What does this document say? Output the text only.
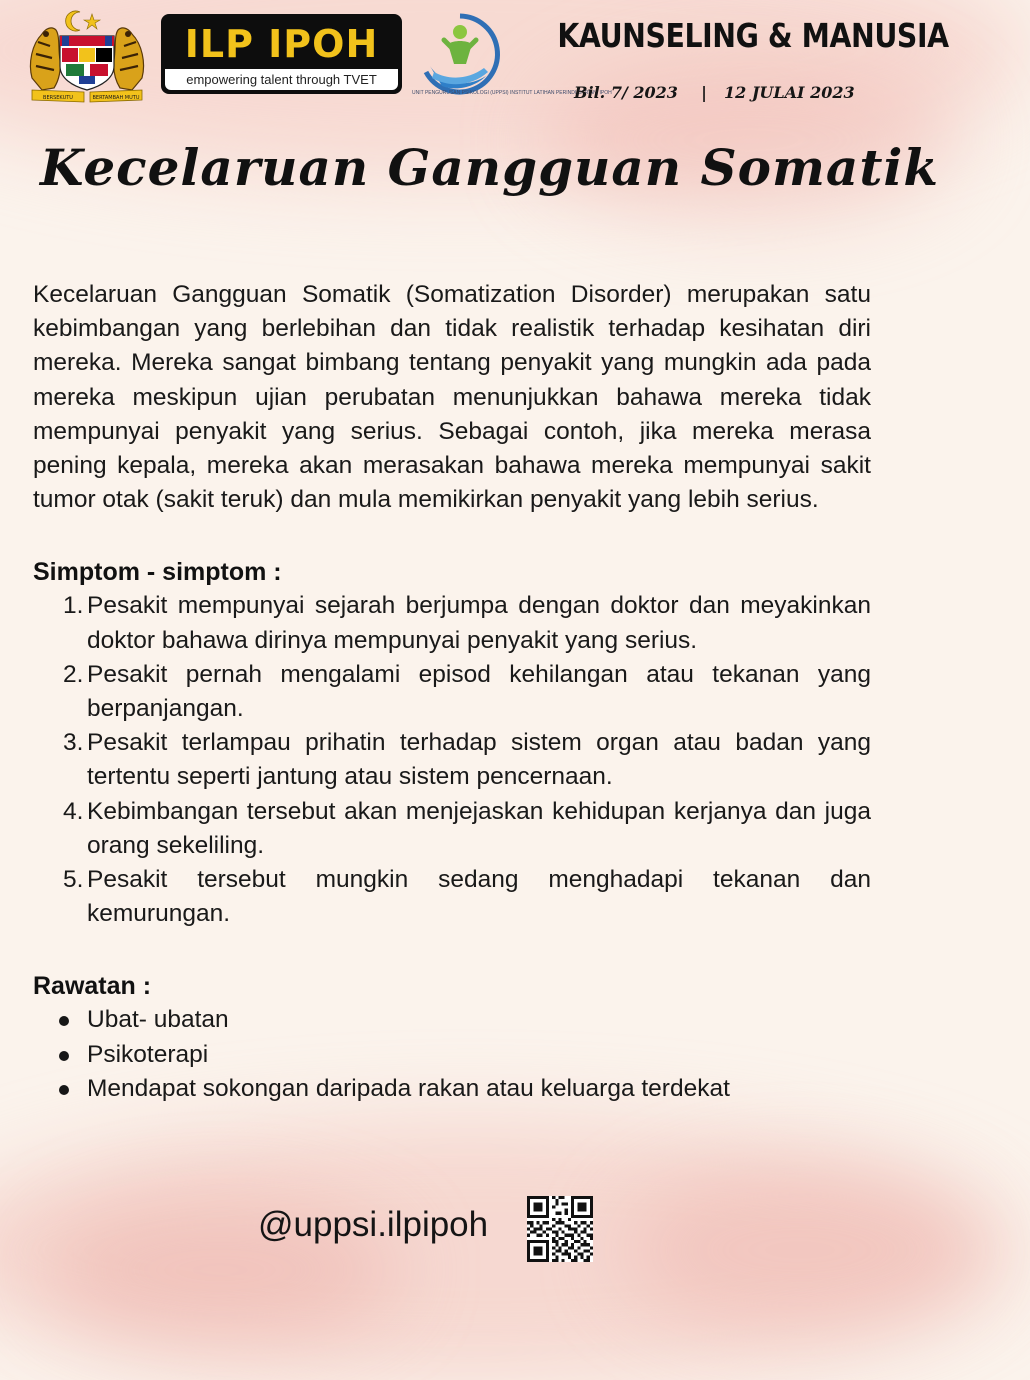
BERSEKUTU	BERTAMBAH MUTU
ILP IPOH
empowering talent through TVET
UNIT PENGURUSAN PSIKOLOGI (UPPSI) INSTITUT LATIHAN PERINDUSTRIAN, IPOH
KAUNSELING & MANUSIA
Bil. 7/ 2023	|	12 JULAI 2023
Kecelaruan Gangguan Somatik

Kecelaruan Gangguan Somatik (Somatization Disorder) merupakan satu kebimbangan yang berlebihan dan tidak realistik terhadap kesihatan diri mereka. Mereka sangat bimbang tentang penyakit yang mungkin ada pada mereka meskipun ujian perubatan menunjukkan bahawa mereka tidak mempunyai penyakit yang serius. Sebagai contoh, jika mereka merasa pening kepala, mereka akan merasakan bahawa mereka mempunyai sakit tumor otak (sakit teruk) dan mula memikirkan penyakit yang lebih serius.

Simptom - simptom :
1. Pesakit mempunyai sejarah berjumpa dengan doktor dan meyakinkan doktor bahawa dirinya mempunyai penyakit yang serius.
2. Pesakit pernah mengalami episod kehilangan atau tekanan yang berpanjangan.
3. Pesakit terlampau prihatin terhadap sistem organ atau badan yang tertentu seperti jantung atau sistem pencernaan.
4. Kebimbangan tersebut akan menjejaskan kehidupan kerjanya dan juga orang sekeliling.
5. Pesakit tersebut mungkin sedang menghadapi tekanan dan kemurungan.
Rawatan :
Ubat- ubatan
Psikoterapi
Mendapat sokongan daripada rakan atau keluarga terdekat
@uppsi.ilpipoh
